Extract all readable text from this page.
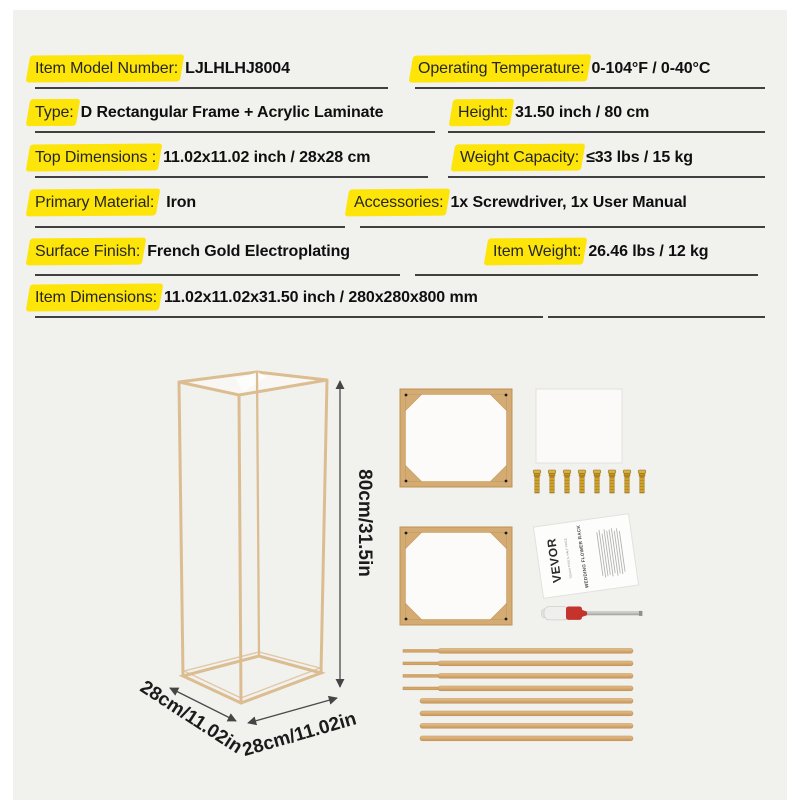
Item Model Number: LJLHLHJ8004	Operating Temperature: 0-104°F / 0-40°C
Type: D Rectangular Frame + Acrylic Laminate	Height: 31.50 inch / 80 cm
Top Dimensions : 11.02x11.02 inch / 28x28 cm	Weight Capacity: ≤33 lbs / 15 kg
Primary Material: Iron	Accessories: 1x Screwdriver, 1x User Manual
Surface Finish: French Gold Electroplating	Item Weight: 26.46 lbs / 12 kg
Item Dimensions: 11.02x11.02x31.50 inch / 280x280x800 mm
80cm/31.5in
28cm/11.02in
28cm/11.02in
VEVOR
TOUGH TOOLS, HALF PRICE WEDDING FLOWER RACK
